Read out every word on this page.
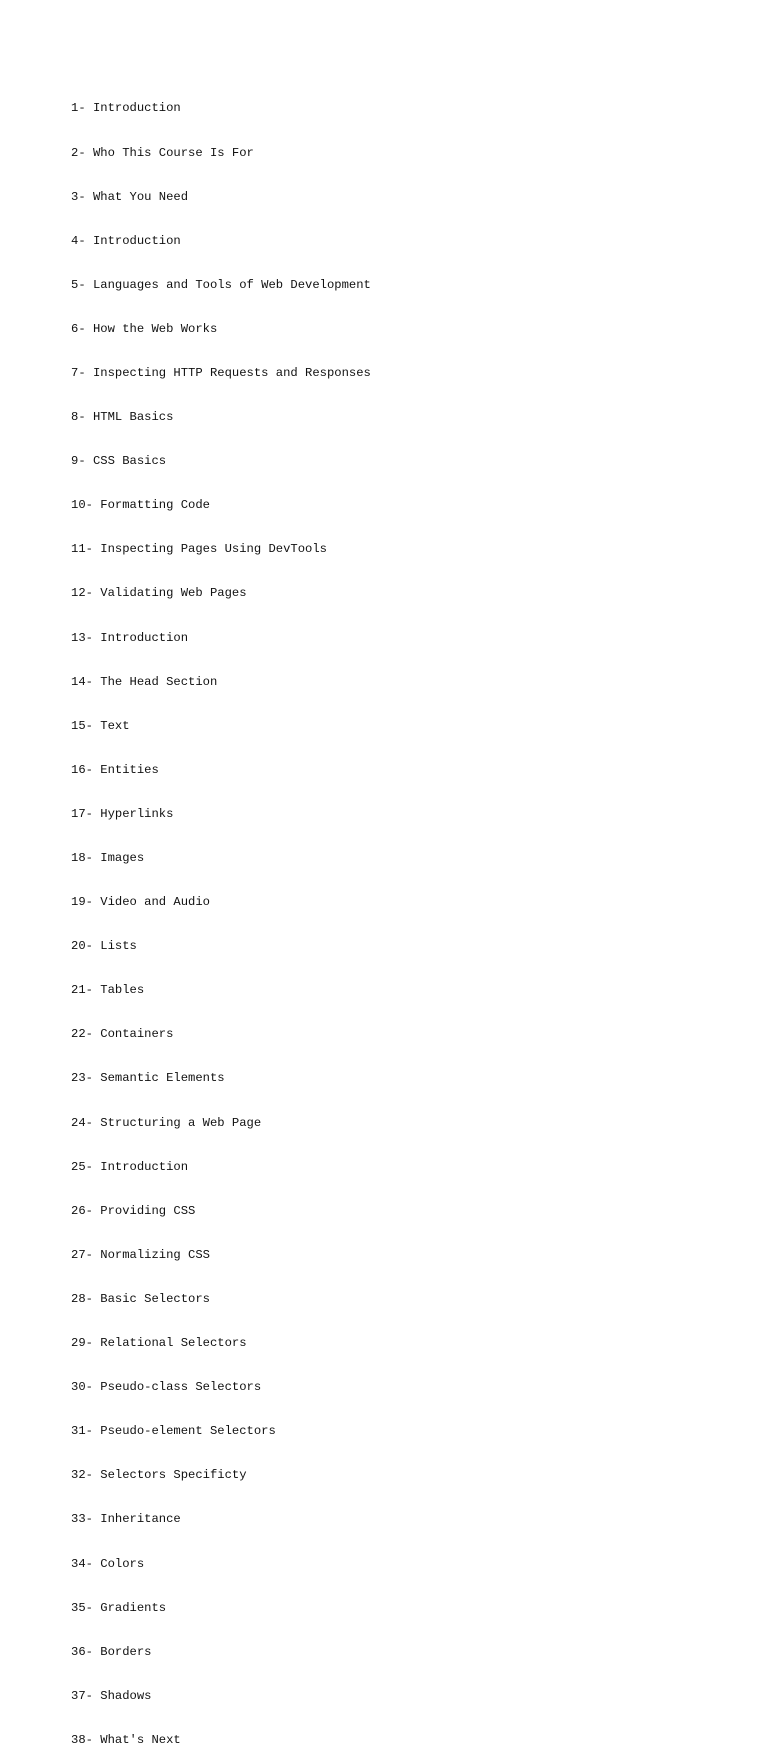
1- Introduction

2- Who This Course Is For

3- What You Need

4- Introduction

5- Languages and Tools of Web Development

6- How the Web Works

7- Inspecting HTTP Requests and Responses

8- HTML Basics

9- CSS Basics

10- Formatting Code

11- Inspecting Pages Using DevTools

12- Validating Web Pages

13- Introduction

14- The Head Section

15- Text

16- Entities

17- Hyperlinks

18- Images

19- Video and Audio

20- Lists

21- Tables

22- Containers

23- Semantic Elements

24- Structuring a Web Page

25- Introduction

26- Providing CSS

27- Normalizing CSS

28- Basic Selectors

29- Relational Selectors

30- Pseudo-class Selectors

31- Pseudo-element Selectors

32- Selectors Specificty

33- Inheritance

34- Colors

35- Gradients

36- Borders

37- Shadows

38- What's Next
